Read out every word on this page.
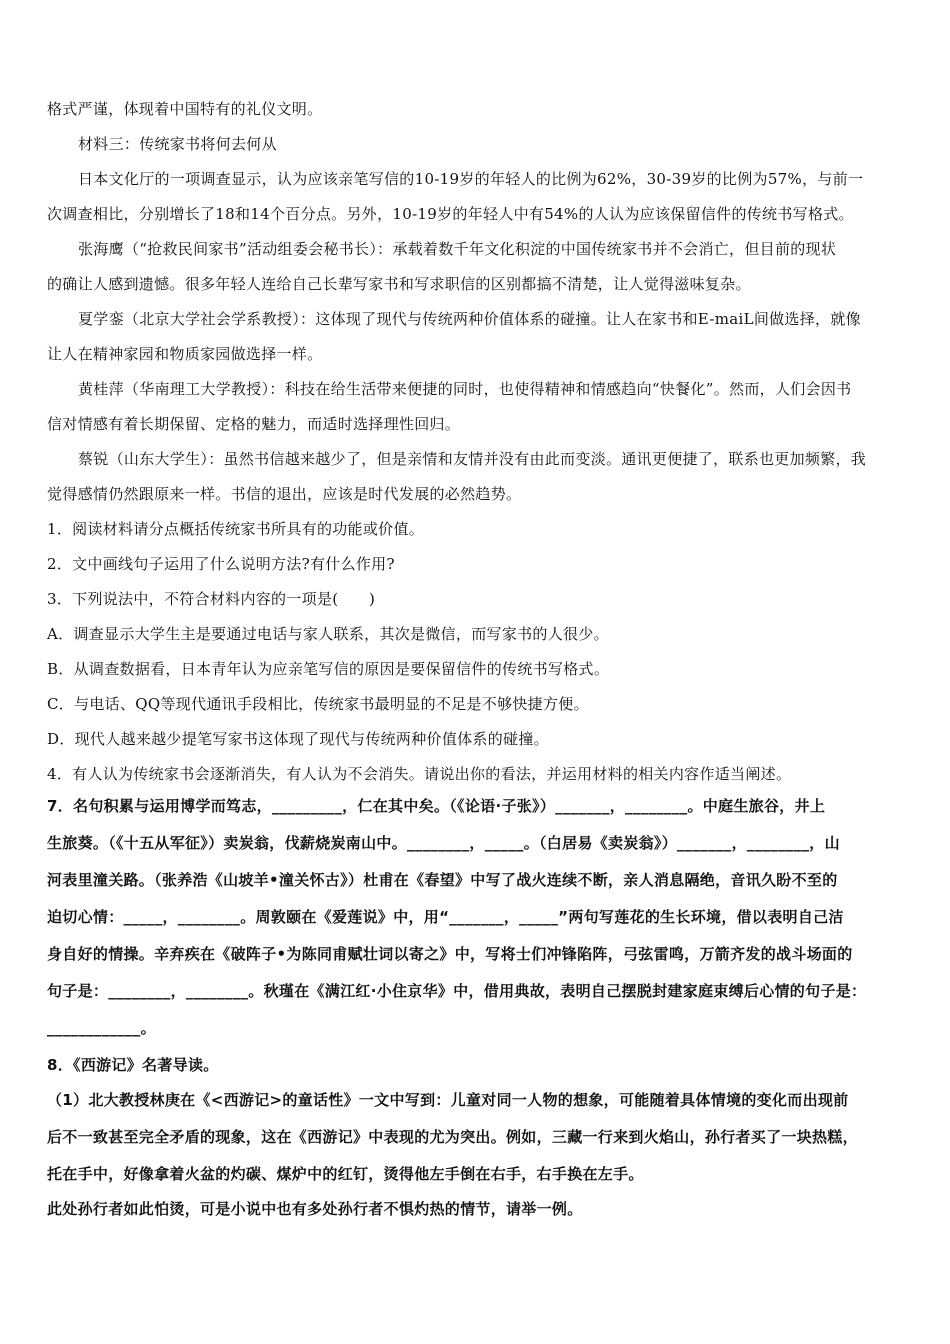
格式严谨，体现着中国特有的礼仪文明。
材料三：传统家书将何去何从
日本文化厅的一项调查显示，认为应该亲笔写信的10-19岁的年轻人的比例为62%，30-39岁的比例为57%，与前一
次调查相比，分别增长了18和14个百分点。另外，10-19岁的年轻人中有54%的人认为应该保留信件的传统书写格式。
张海鹰（“抢救民间家书”活动组委会秘书长）：承载着数千年文化积淀的中国传统家书并不会消亡，但目前的现状
的确让人感到遗憾。很多年轻人连给自己长辈写家书和写求职信的区别都搞不清楚，让人觉得滋味复杂。
夏学銮（北京大学社会学系教授）：这体现了现代与传统两种价值体系的碰撞。让人在家书和E-maiL间做选择，就像
让人在精神家园和物质家园做选择一样。
黄桂萍（华南理工大学教授）：科技在给生活带来便捷的同时，也使得精神和情感趋向“快餐化”。然而，人们会因书
信对情感有着长期保留、定格的魅力，而适时选择理性回归。
蔡锐（山东大学生）：虽然书信越来越少了，但是亲情和友情并没有由此而变淡。通讯更便捷了，联系也更加频繁，我
觉得感情仍然跟原来一样。书信的退出，应该是时代发展的必然趋势。
1．阅读材料请分点概括传统家书所具有的功能或价值。
2．文中画线句子运用了什么说明方法?有什么作用?
3．下列说法中，不符合材料内容的一项是(　　)
A．调查显示大学生主是要通过电话与家人联系，其次是微信，而写家书的人很少。
B．从调查数据看，日本青年认为应亲笔写信的原因是要保留信件的传统书写格式。
C．与电话、QQ等现代通讯手段相比，传统家书最明显的不足是不够快捷方便。
D．现代人越来越少提笔写家书这体现了现代与传统两种价值体系的碰撞。
4．有人认为传统家书会逐渐消失，有人认为不会消失。请说出你的看法，并运用材料的相关内容作适当阐述。
7．名句积累与运用博学而笃志，_________，仁在其中矣。（《论语·子张》）_______，________。中庭生旅谷，井上
生旅葵。（《十五从军征》）卖炭翁，伐薪烧炭南山中。________，_____。（白居易《卖炭翁》）_______，________，山
河表里潼关路。（张养浩《山坡羊•潼关怀古》）杜甫在《春望》中写了战火连续不断，亲人消息隔绝，音讯久盼不至的
迫切心情：_____，________。周敦颐在《爱莲说》中，用“_______，_____”两句写莲花的生长环境，借以表明自己洁
身自好的情操。辛弃疾在《破阵子•为陈同甫赋壮词以寄之》中，写将士们冲锋陷阵，弓弦雷鸣，万箭齐发的战斗场面的
句子是：________，________。秋瑾在《满江红·小住京华》中，借用典故，表明自己摆脱封建家庭束缚后心情的句子是：
____________。
8．《西游记》名著导读。
（1）北大教授林庚在《<西游记>的童话性》一文中写到：儿童对同一人物的想象，可能随着具体情境的变化而出现前
后不一致甚至完全矛盾的现象，这在《西游记》中表现的尤为突出。例如，三藏一行来到火焰山，孙行者买了一块热糕，
托在手中，好像拿着火盆的灼碳、煤炉中的红钉，烫得他左手倒在右手，右手换在左手。
此处孙行者如此怕烫，可是小说中也有多处孙行者不惧灼热的情节，请举一例。
